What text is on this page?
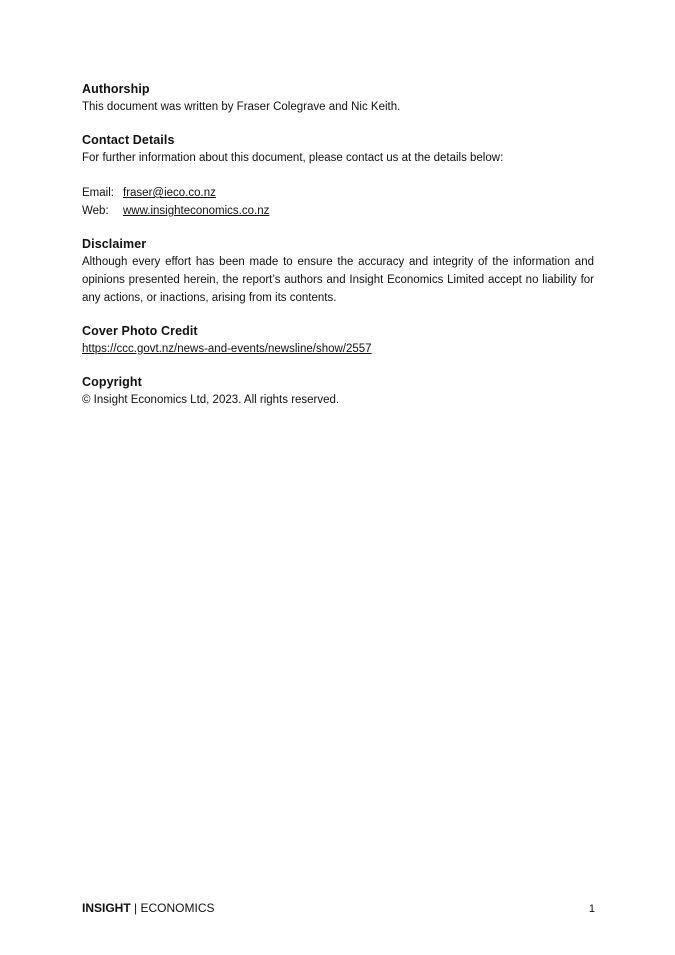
Authorship
This document was written by Fraser Colegrave and Nic Keith.
Contact Details
For further information about this document, please contact us at the details below:
Email: fraser@ieco.co.nz
Web:	www.insighteconomics.co.nz
Disclaimer
Although every effort has been made to ensure the accuracy and integrity of the information and opinions presented herein, the report’s authors and Insight Economics Limited accept no liability for any actions, or inactions, arising from its contents.
Cover Photo Credit
https://ccc.govt.nz/news-and-events/newsline/show/2557
Copyright
© Insight Economics Ltd, 2023. All rights reserved.
INSIGHT | ECONOMICS	1
